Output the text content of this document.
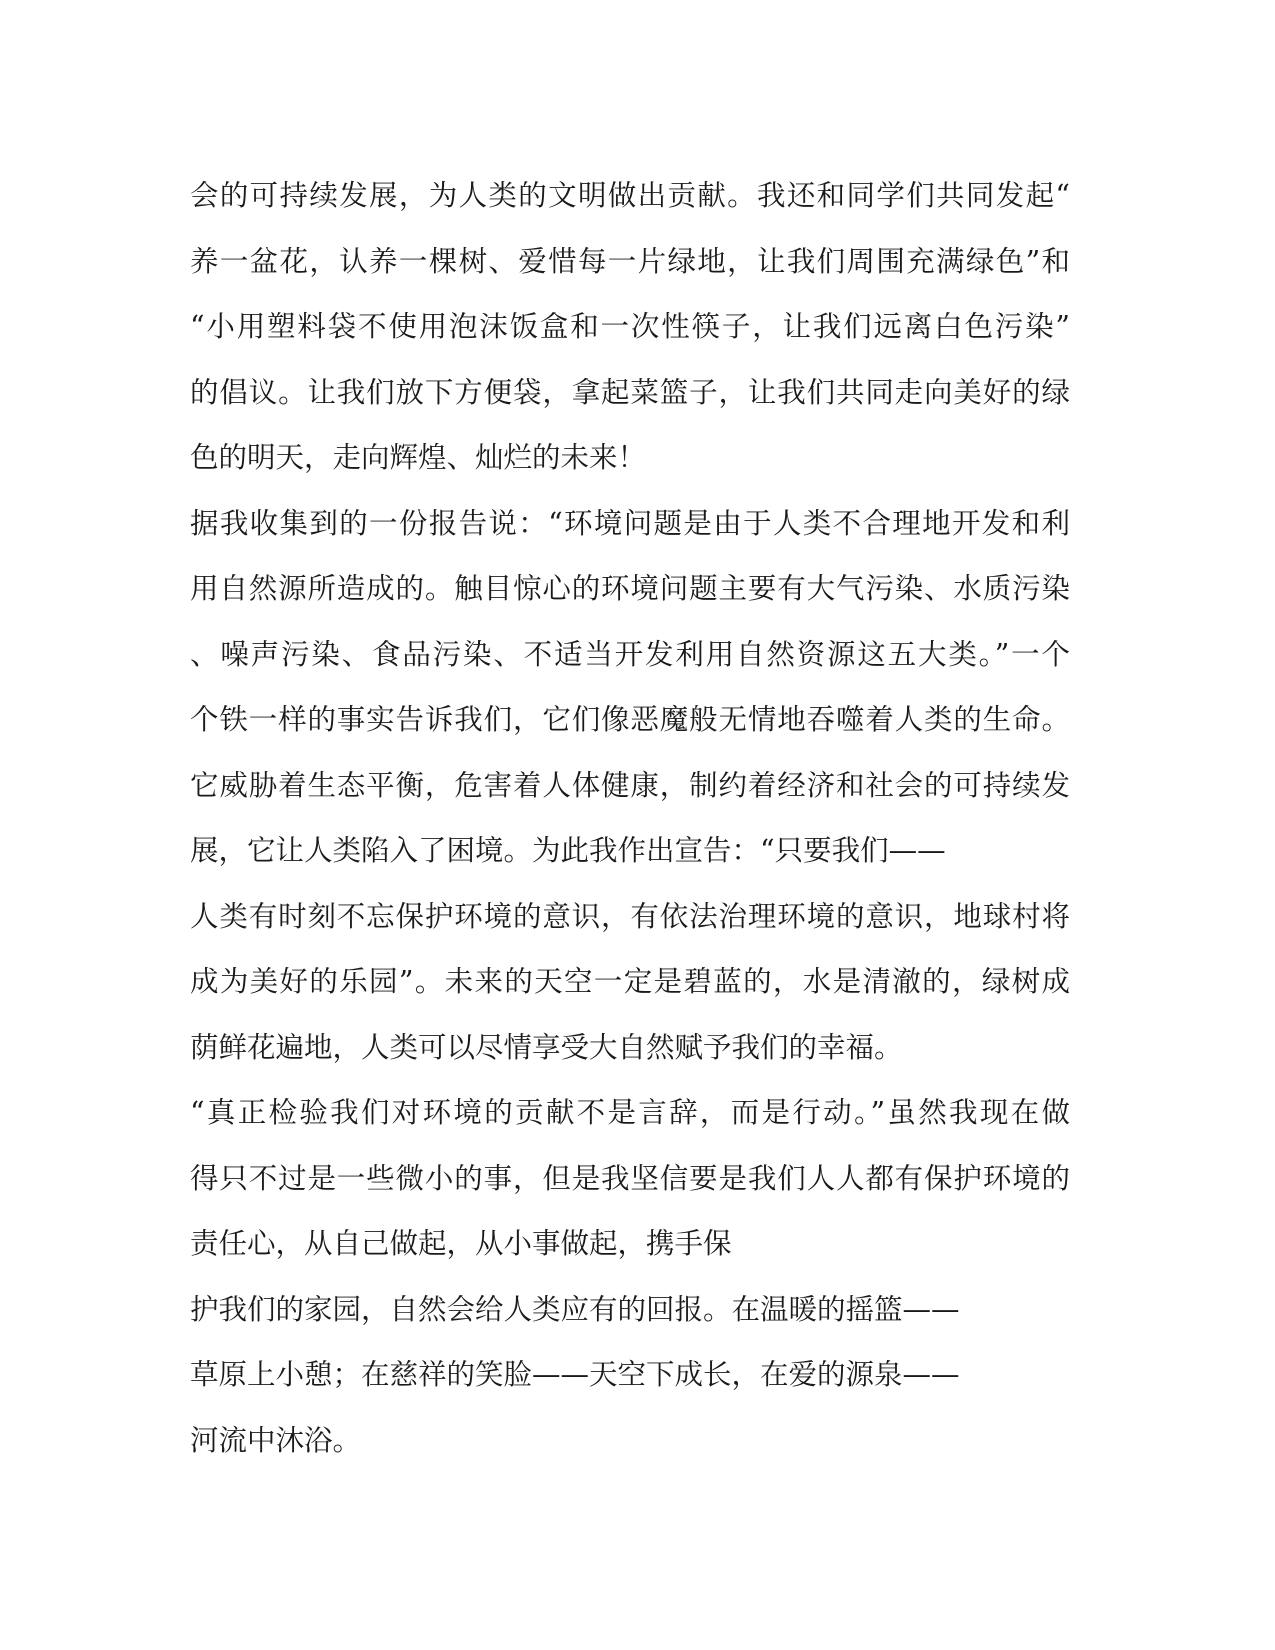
会的可持续发展，为人类的文明做出贡献。我还和同学们共同发起“
养一盆花，认养一棵树、爱惜每一片绿地，让我们周围充满绿色”和
“小用塑料袋不使用泡沫饭盒和一次性筷子，让我们远离白色污染”
的倡议。让我们放下方便袋，拿起菜篮子，让我们共同走向美好的绿
色的明天，走向辉煌、灿烂的未来！
据我收集到的一份报告说：“环境问题是由于人类不合理地开发和利
用自然源所造成的。触目惊心的环境问题主要有大气污染、水质污染
、噪声污染、食品污染、不适当开发利用自然资源这五大类。”一个
个铁一样的事实告诉我们，它们像恶魔般无情地吞噬着人类的生命。
它威胁着生态平衡，危害着人体健康，制约着经济和社会的可持续发
展，它让人类陷入了困境。为此我作出宣告：“只要我们——
人类有时刻不忘保护环境的意识，有依法治理环境的意识，地球村将
成为美好的乐园”。未来的天空一定是碧蓝的，水是清澈的，绿树成
荫鲜花遍地，人类可以尽情享受大自然赋予我们的幸福。
“真正检验我们对环境的贡献不是言辞，而是行动。”虽然我现在做
得只不过是一些微小的事，但是我坚信要是我们人人都有保护环境的
责任心，从自己做起，从小事做起，携手保
护我们的家园，自然会给人类应有的回报。在温暖的摇篮——
草原上小憩；在慈祥的笑脸——天空下成长，在爱的源泉——
河流中沐浴。
